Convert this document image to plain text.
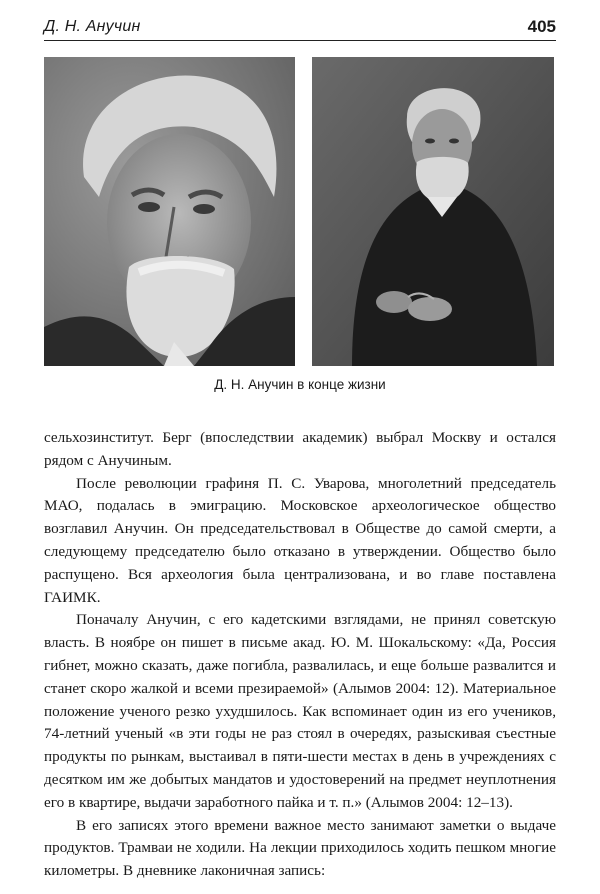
Д. Н. Анучин	405
Д. Н. Анучин в конце жизни

сельхозинститут. Берг (впоследствии академик) выбрал Москву и остался рядом с Анучиным.

После революции графиня П. С. Уварова, многолетний председатель МАО, подалась в эмиграцию. Московское археологическое общество возглавил Анучин. Он председательствовал в Обществе до самой смерти, а следующему председателю было отказано в утверждении. Общество было распущено. Вся археология была централизована, и во главе поставлена ГАИМК.

Поначалу Анучин, с его кадетскими взглядами, не принял советскую власть. В ноябре он пишет в письме акад. Ю. М. Шокальскому: «Да, Россия гибнет, можно сказать, даже погибла, развалилась, и еще больше развалится и станет скоро жалкой и всеми презираемой» (Алымов 2004: 12). Материальное положение ученого резко ухудшилось. Как вспоминает один из его учеников, 74-летний ученый «в эти годы не раз стоял в очередях, разыскивая съестные продукты по рынкам, выстаивал в пяти-шести местах в день в учреждениях с десятком им же добытых мандатов и удостоверений на предмет неуплотнения его в квартире, выдачи заработного пайка и т. п.» (Алымов 2004: 12–13).

В его записях этого времени важное место занимают заметки о выдаче продуктов. Трамваи не ходили. На лекции приходилось ходить пешком многие километры. В дневнике лаконичная запись:
